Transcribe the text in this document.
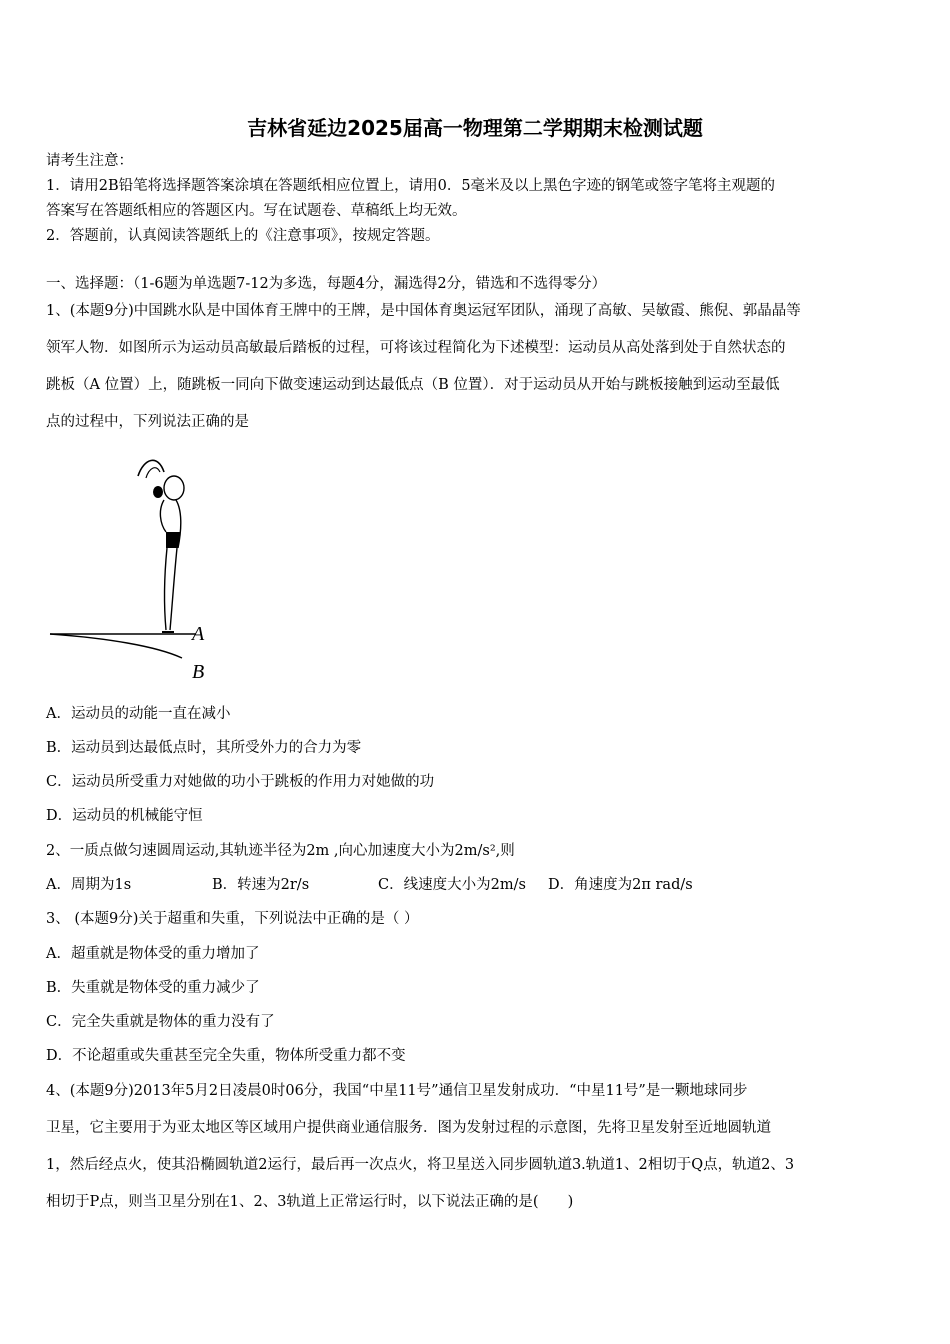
吉林省延边2025届高一物理第二学期期末检测试题
请考生注意：
1．请用2B铅笔将选择题答案涂填在答题纸相应位置上，请用0．5毫米及以上黑色字迹的钢笔或签字笔将主观题的
答案写在答题纸相应的答题区内。写在试题卷、草稿纸上均无效。
2．答题前，认真阅读答题纸上的《注意事项》，按规定答题。
一、选择题：（1-6题为单选题7-12为多选，每题4分，漏选得2分，错选和不选得零分）
1、(本题9分)中国跳水队是中国体育王牌中的王牌，是中国体育奥运冠军团队，涌现了高敏、吴敏霞、熊倪、郭晶晶等
领军人物．如图所示为运动员高敏最后踏板的过程，可将该过程简化为下述模型：运动员从高处落到处于自然状态的
跳板（A 位置）上，随跳板一同向下做变速运动到达最低点（B 位置）．对于运动员从开始与跳板接触到运动至最低
点的过程中，下列说法正确的是
A
B
A．运动员的动能一直在减小
B．运动员到达最低点时，其所受外力的合力为零
C．运动员所受重力对她做的功小于跳板的作用力对她做的功
D．运动员的机械能守恒
2、一质点做匀速圆周运动,其轨迹半径为2m ,向心加速度大小为2m/s²,则
A．周期为1s	B．转速为2r/s	C．线速度大小为2m/s D．角速度为2π rad/s
3、 (本题9分)关于超重和失重，下列说法中正确的是（ ）
A．超重就是物体受的重力增加了
B．失重就是物体受的重力减少了
C．完全失重就是物体的重力没有了
D．不论超重或失重甚至完全失重，物体所受重力都不变
4、(本题9分)2013年5月2日凌晨0时06分，我国“中星11号”通信卫星发射成功．“中星11号”是一颗地球同步
卫星，它主要用于为亚太地区等区域用户提供商业通信服务．图为发射过程的示意图，先将卫星发射至近地圆轨道
1，然后经点火，使其沿椭圆轨道2运行，最后再一次点火，将卫星送入同步圆轨道3.轨道1、2相切于Q点，轨道2、3
相切于P点，则当卫星分别在1、2、3轨道上正常运行时，以下说法正确的是(　　)
